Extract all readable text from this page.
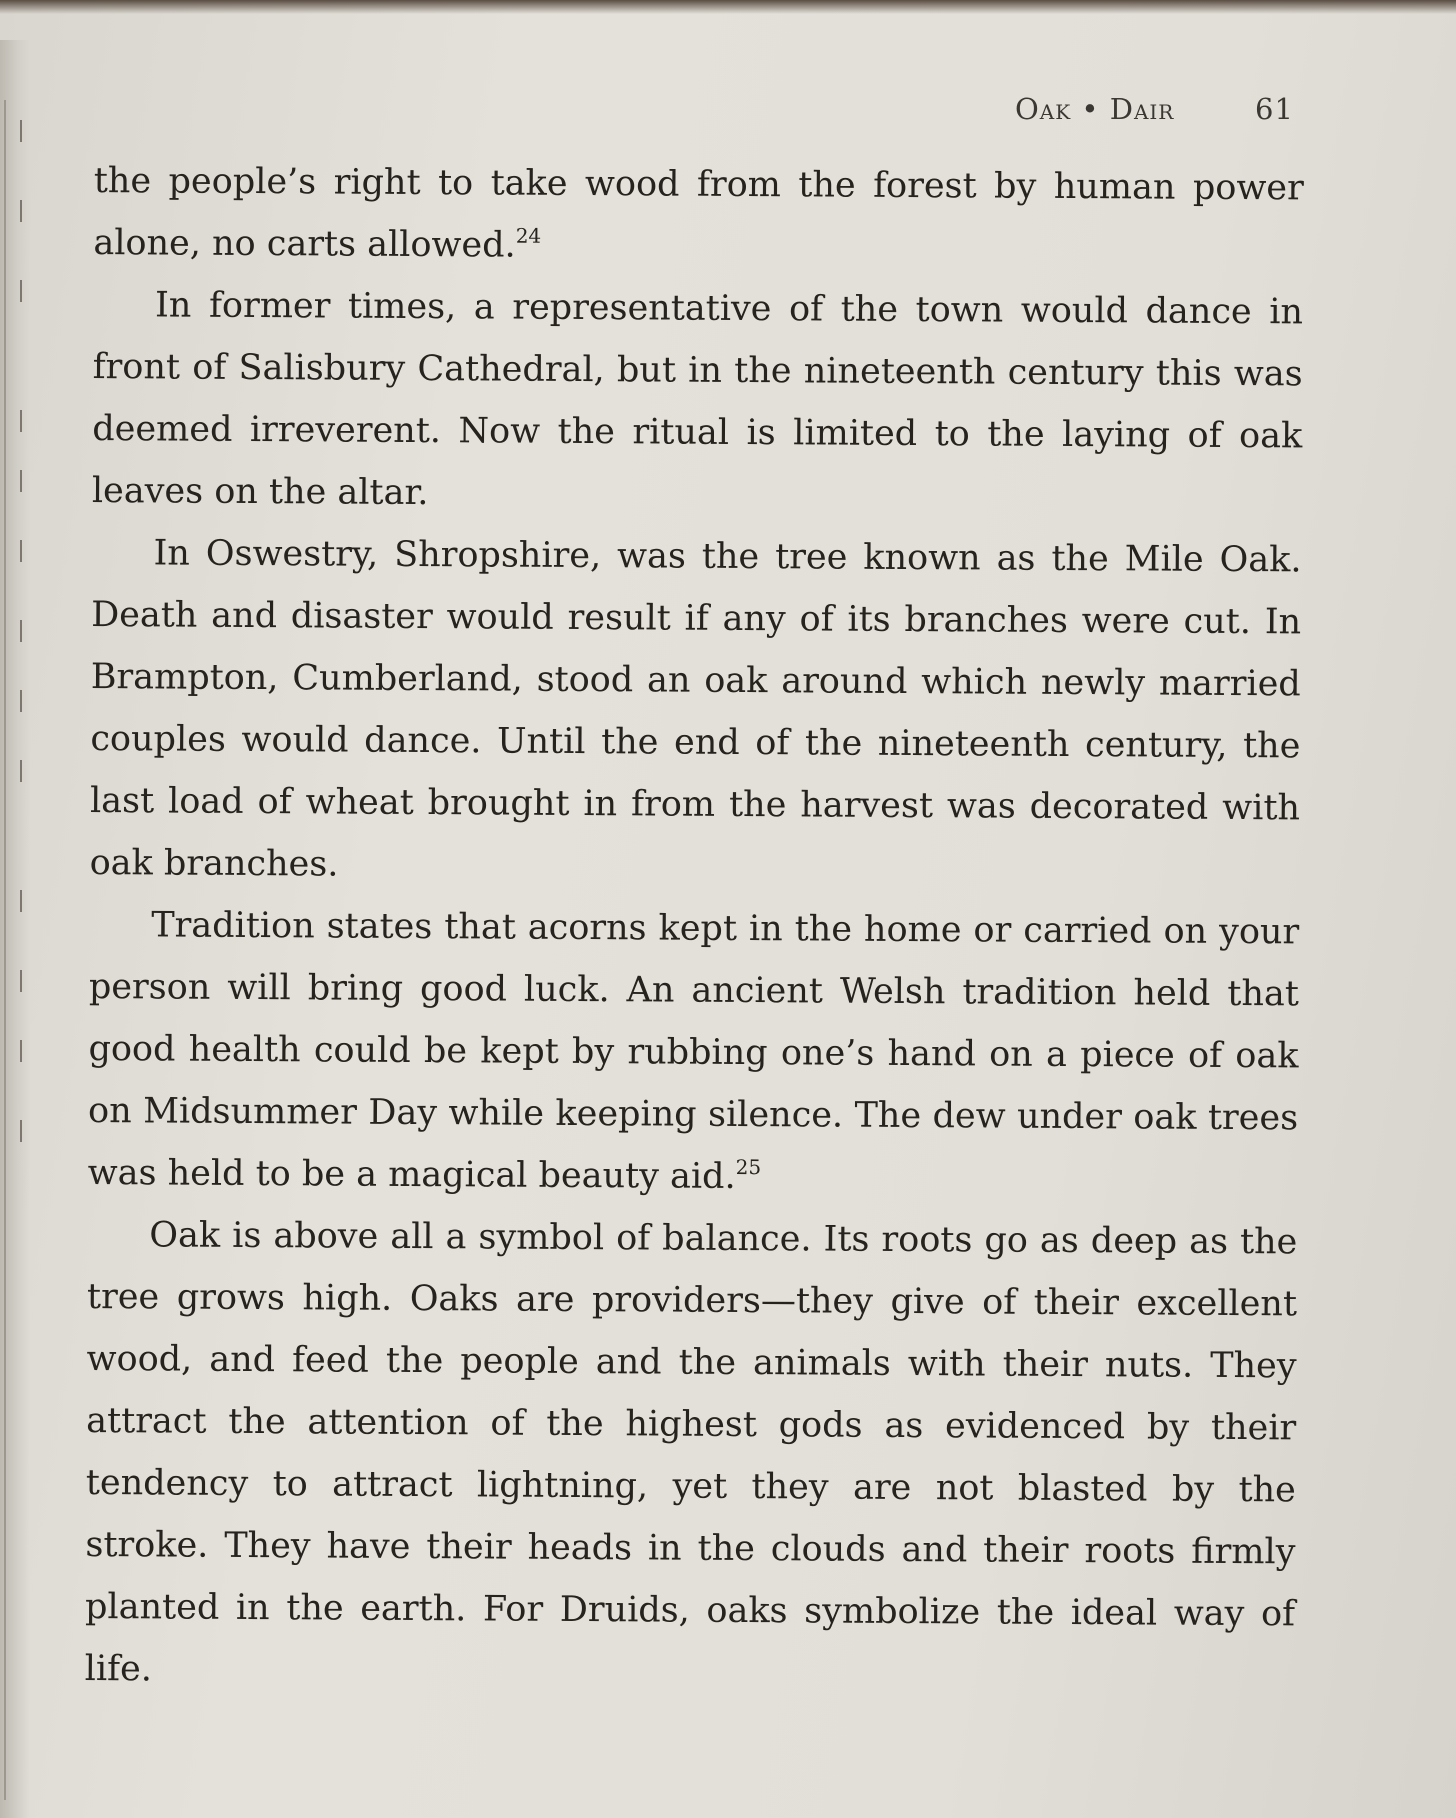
Oak • Dair	61

the people’s right to take wood from the forest by human power alone, no carts allowed.$^{24}$

In former times, a representative of the town would dance in front of Salisbury Cathedral, but in the nineteenth century this was deemed irreverent. Now the ritual is limited to the laying of oak leaves on the altar.

In Oswestry, Shropshire, was the tree known as the Mile Oak. Death and disaster would result if any of its branches were cut. In Brampton, Cumberland, stood an oak around which newly married couples would dance. Until the end of the nineteenth century, the last load of wheat brought in from the harvest was decorated with oak branches.

Tradition states that acorns kept in the home or carried on your person will bring good luck. An ancient Welsh tradition held that good health could be kept by rubbing one’s hand on a piece of oak on Midsummer Day while keeping silence. The dew under oak trees was held to be a magical beauty aid.$^{25}$

Oak is above all a symbol of balance. Its roots go as deep as the tree grows high. Oaks are providers—they give of their excellent wood, and feed the people and the animals with their nuts. They attract the attention of the highest gods as evidenced by their tendency to attract lightning, yet they are not blasted by the stroke. They have their heads in the clouds and their roots firmly planted in the earth. For Druids, oaks symbolize the ideal way of life.
